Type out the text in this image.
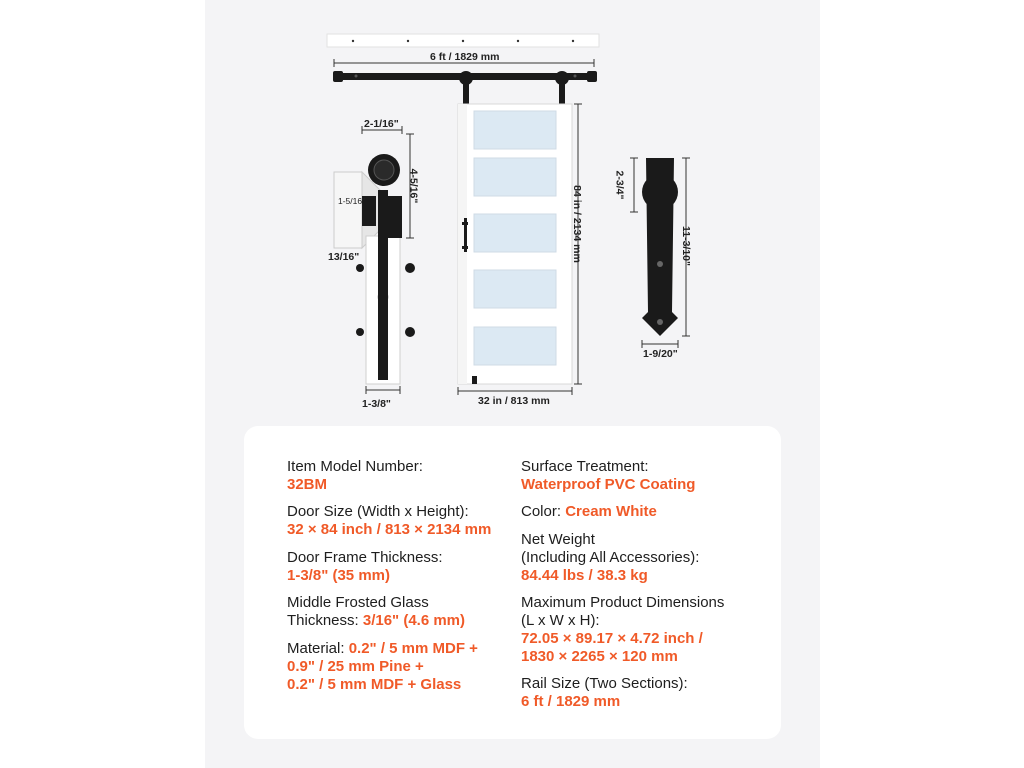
6 ft / 1829 mm
2-1/16"
4-5/16"
1-5/16"
13/16"
1-3/8"
84 in / 2134 mm
32 in / 813 mm
2-3/4"
11-3/10"
1-9/20"
Item Model Number:
32BM
Door Size (Width x Height):
32 × 84 inch / 813 × 2134 mm
Door Frame Thickness:
1-3/8" (35 mm)
Middle Frosted Glass
Thickness: 3/16" (4.6 mm)
Material: 0.2" / 5 mm MDF +
0.9" / 25 mm Pine +
0.2" / 5 mm MDF + Glass
Surface Treatment:
Waterproof PVC Coating
Color: Cream White
Net Weight
(Including All Accessories):
84.44 lbs / 38.3 kg
Maximum Product Dimensions
(L x W x H):
72.05 × 89.17 × 4.72 inch /
1830 × 2265 × 120 mm
Rail Size (Two Sections):
6 ft / 1829 mm
